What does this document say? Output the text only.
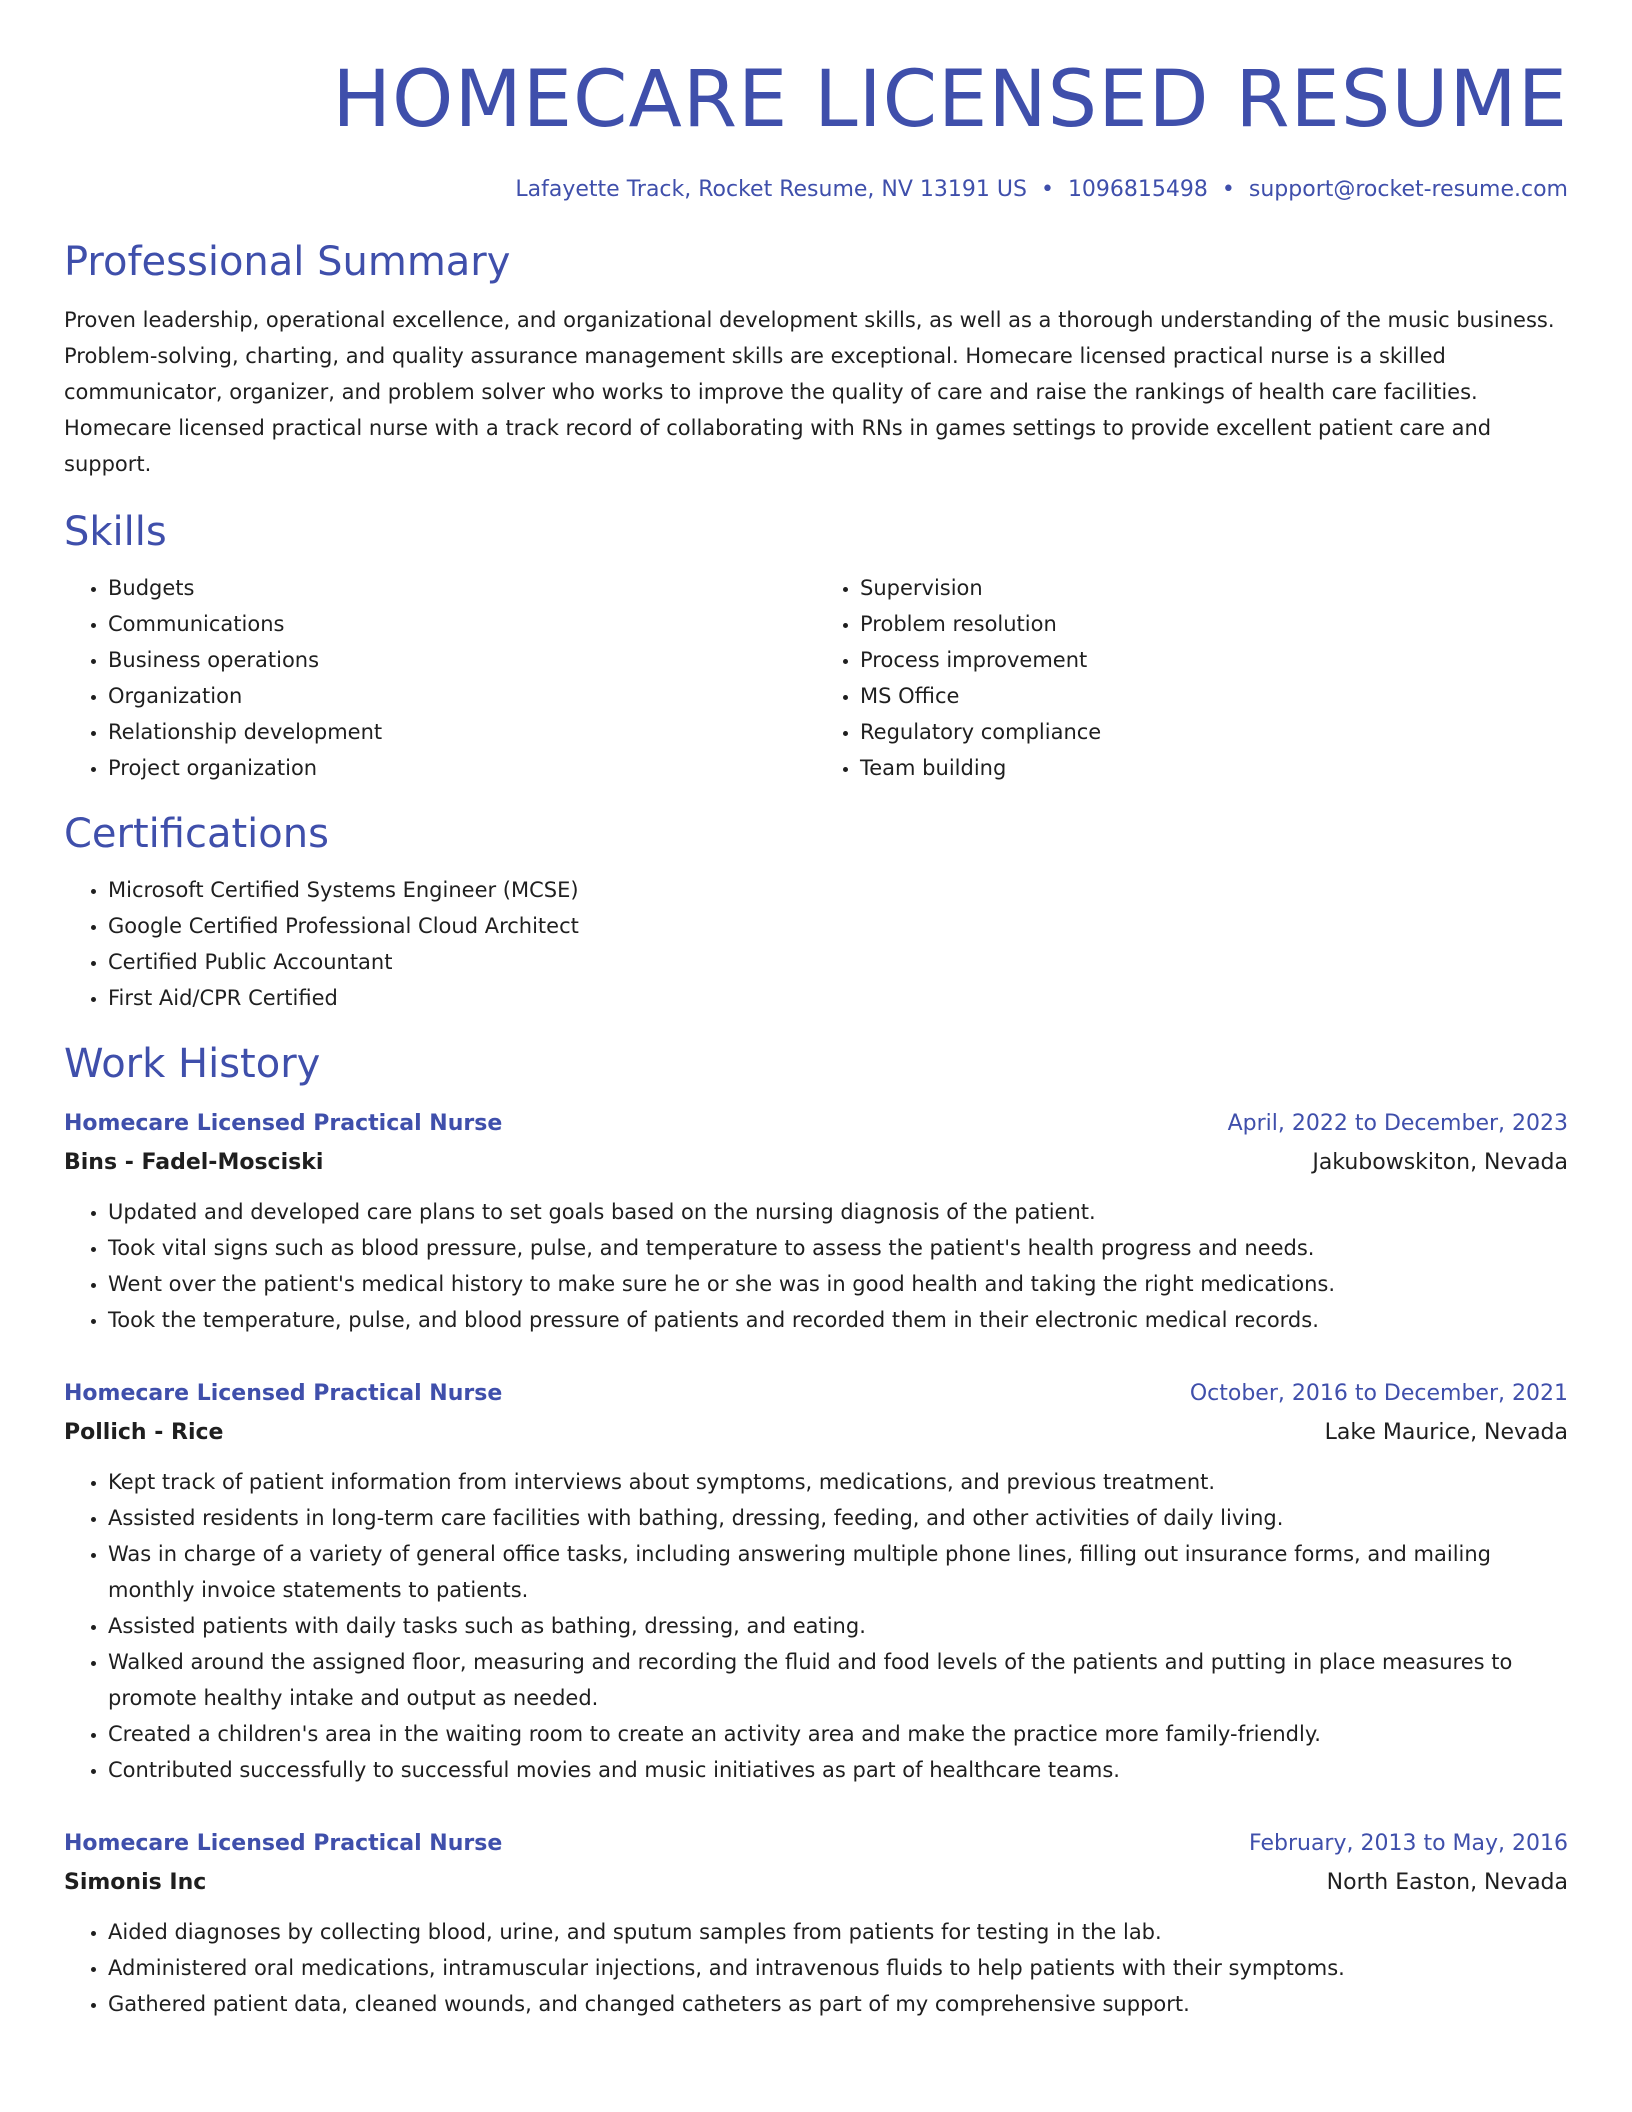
HOMECARE LICENSED RESUME
Lafayette Track, Rocket Resume, NV 13191 US • 1096815498 • support@rocket-resume.com
Professional Summary

Proven leadership, operational excellence, and organizational development skills, as well as a thorough understanding of the music business. Problem-solving, charting, and quality assurance management skills are exceptional. Homecare licensed practical nurse is a skilled communicator, organizer, and problem solver who works to improve the quality of care and raise the rankings of health care facilities. Homecare licensed practical nurse with a track record of collaborating with RNs in games settings to provide excellent patient care and support.

Skills
• Budgets
• Communications
• Business operations
• Organization
• Relationship development
• Project organization
• Supervision
• Problem resolution
• Process improvement
• MS Office
• Regulatory compliance
• Team building
Certifications
• Microsoft Certified Systems Engineer (MCSE)
• Google Certified Professional Cloud Architect
• Certified Public Accountant
• First Aid/CPR Certified
Work History
Homecare Licensed Practical Nurse	April, 2022 to December, 2023
Bins - Fadel-Mosciski	Jakubowskiton, Nevada
• Updated and developed care plans to set goals based on the nursing diagnosis of the patient.
• Took vital signs such as blood pressure, pulse, and temperature to assess the patient's health progress and needs.
• Went over the patient's medical history to make sure he or she was in good health and taking the right medications.
• Took the temperature, pulse, and blood pressure of patients and recorded them in their electronic medical records.
Homecare Licensed Practical Nurse	October, 2016 to December, 2021
Pollich - Rice	Lake Maurice, Nevada
• Kept track of patient information from interviews about symptoms, medications, and previous treatment.
• Assisted residents in long-term care facilities with bathing, dressing, feeding, and other activities of daily living.
• Was in charge of a variety of general office tasks, including answering multiple phone lines, filling out insurance forms, and mailing monthly invoice statements to patients.
• Assisted patients with daily tasks such as bathing, dressing, and eating.
• Walked around the assigned floor, measuring and recording the fluid and food levels of the patients and putting in place measures to promote healthy intake and output as needed.
• Created a children's area in the waiting room to create an activity area and make the practice more family-friendly.
• Contributed successfully to successful movies and music initiatives as part of healthcare teams.
Homecare Licensed Practical Nurse	February, 2013 to May, 2016
Simonis Inc	North Easton, Nevada
• Aided diagnoses by collecting blood, urine, and sputum samples from patients for testing in the lab.
• Administered oral medications, intramuscular injections, and intravenous fluids to help patients with their symptoms.
• Gathered patient data, cleaned wounds, and changed catheters as part of my comprehensive support.
